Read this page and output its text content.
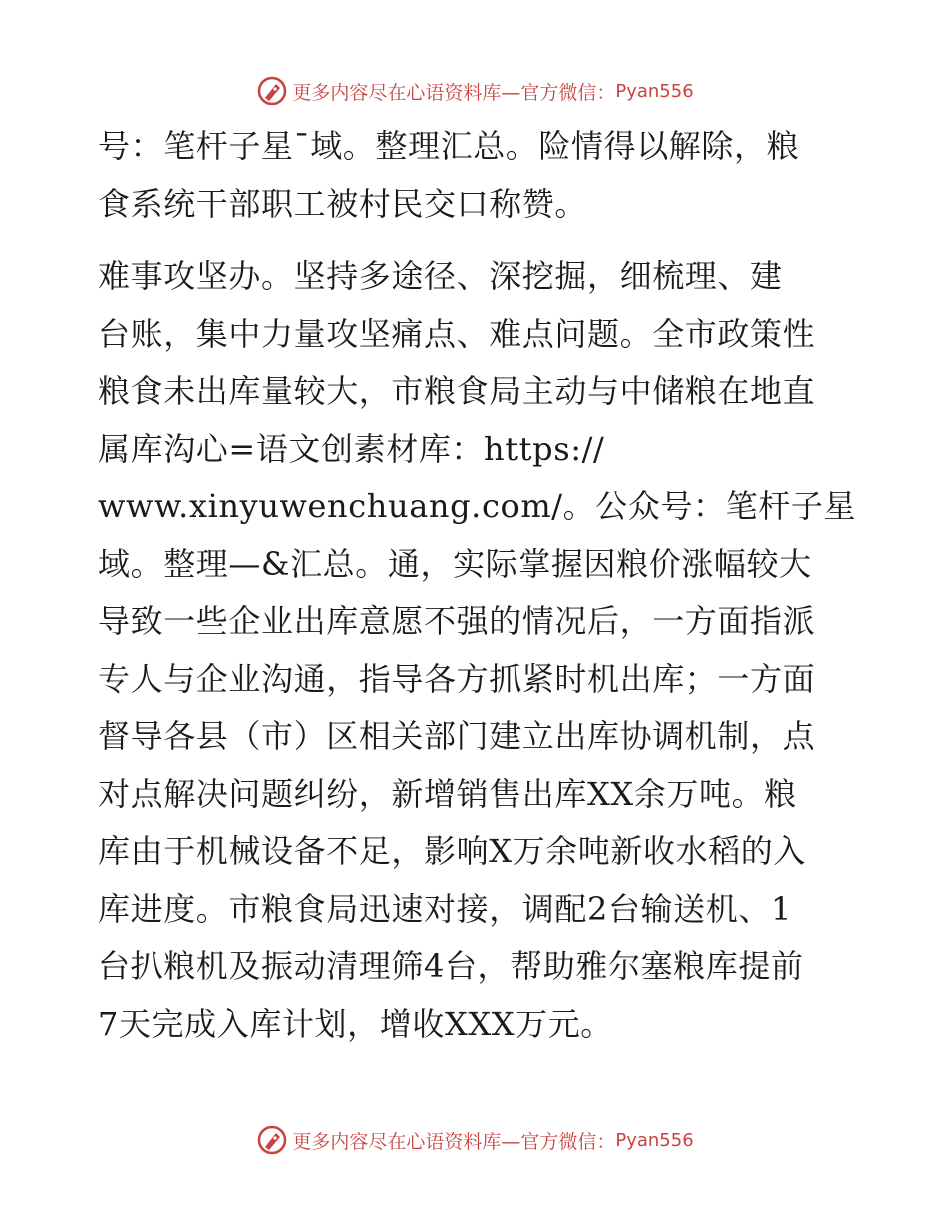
更多内容尽在心语资料库—官方微信： Pyan556
号：笔杆子星¯域。整理汇总。险情得以解除，粮
食系统干部职工被村民交口称赞。
难事攻坚办。坚持多途径、深挖掘，细梳理、建
台账，集中力量攻坚痛点、难点问题。全市政策性
粮食未出库量较大，市粮食局主动与中储粮在地直
属库沟心=语文创素材库：https://
www.xinyuwenchuang.com/。公众号：笔杆子星
域。整理—&汇总。通，实际掌握因粮价涨幅较大
导致一些企业出库意愿不强的情况后，一方面指派
专人与企业沟通，指导各方抓紧时机出库；一方面
督导各县（市）区相关部门建立出库协调机制，点
对点解决问题纠纷，新增销售出库XX余万吨。粮
库由于机械设备不足，影响X万余吨新收水稻的入
库进度。市粮食局迅速对接，调配2台输送机、1
台扒粮机及振动清理筛4台，帮助雅尔塞粮库提前
7天完成入库计划，增收XXX万元。
更多内容尽在心语资料库—官方微信： Pyan556
